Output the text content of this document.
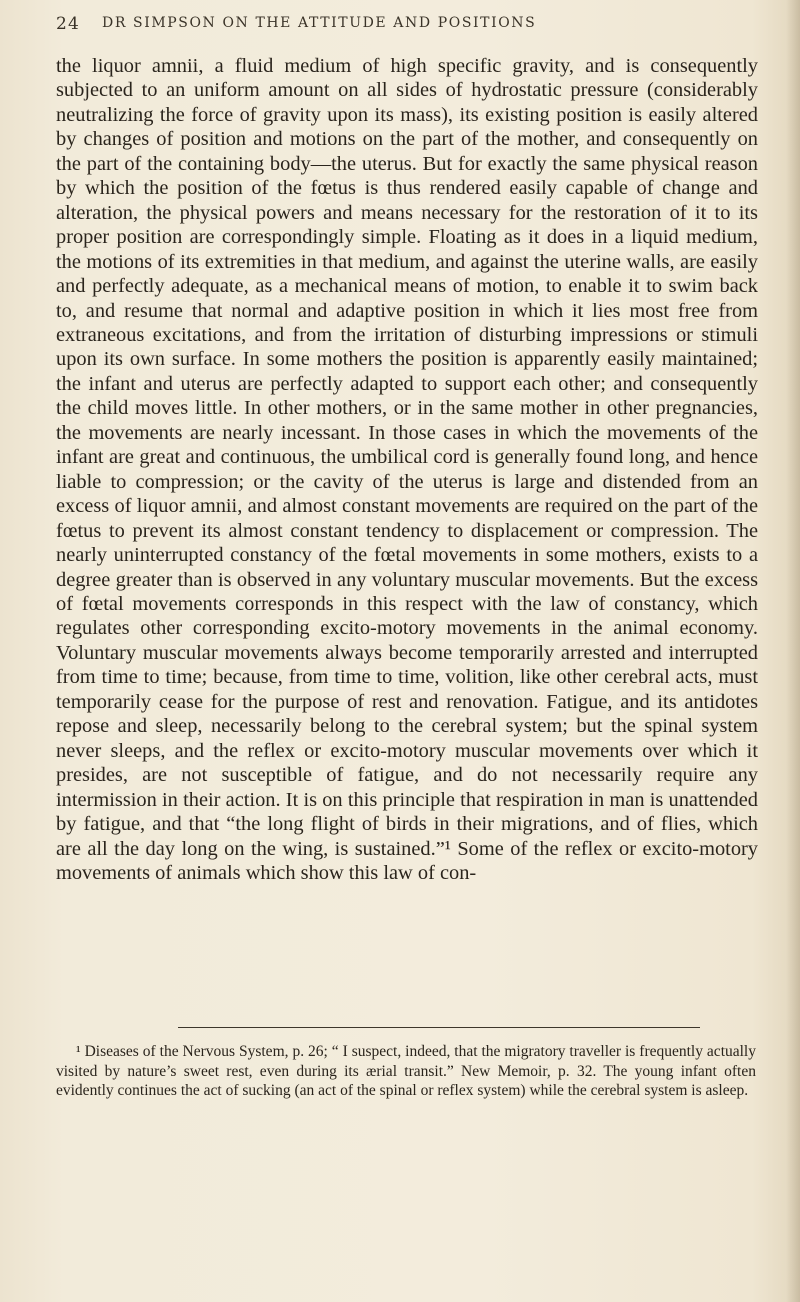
24 DR SIMPSON ON THE ATTITUDE AND POSITIONS

the liquor amnii, a fluid medium of high specific gravity, and is consequently subjected to an uniform amount on all sides of hydrostatic pressure (considerably neutralizing the force of gravity upon its mass), its existing position is easily altered by changes of position and motions on the part of the mother, and consequently on the part of the containing body—the uterus. But for exactly the same physical reason by which the position of the fœtus is thus rendered easily capable of change and alteration, the physical powers and means necessary for the restoration of it to its proper position are correspondingly simple. Floating as it does in a liquid medium, the motions of its extremities in that medium, and against the uterine walls, are easily and perfectly adequate, as a mechanical means of motion, to enable it to swim back to, and resume that normal and adaptive position in which it lies most free from extraneous excitations, and from the irritation of disturbing impressions or stimuli upon its own surface. In some mothers the position is apparently easily maintained; the infant and uterus are perfectly adapted to support each other; and consequently the child moves little. In other mothers, or in the same mother in other pregnancies, the movements are nearly incessant. In those cases in which the movements of the infant are great and continuous, the umbilical cord is generally found long, and hence liable to compression; or the cavity of the uterus is large and distended from an excess of liquor amnii, and almost constant movements are required on the part of the fœtus to prevent its almost constant tendency to displacement or compression. The nearly uninterrupted constancy of the fœtal movements in some mothers, exists to a degree greater than is observed in any voluntary muscular movements. But the excess of fœtal movements corresponds in this respect with the law of constancy, which regulates other corresponding excito-motory movements in the animal economy. Voluntary muscular movements always become temporarily arrested and interrupted from time to time; because, from time to time, volition, like other cerebral acts, must temporarily cease for the purpose of rest and renovation. Fatigue, and its antidotes repose and sleep, necessarily belong to the cerebral system; but the spinal system never sleeps, and the reflex or excito-motory muscular movements over which it presides, are not susceptible of fatigue, and do not necessarily require any intermission in their action. It is on this principle that respiration in man is unattended by fatigue, and that “the long flight of birds in their migrations, and of flies, which are all the day long on the wing, is sustained.”¹ Some of the reflex or excito-motory movements of animals which show this law of con-

¹ Diseases of the Nervous System, p. 26; “ I suspect, indeed, that the migratory traveller is frequently actually visited by nature’s sweet rest, even during its ærial transit.” New Memoir, p. 32. The young infant often evidently continues the act of sucking (an act of the spinal or reflex system) while the cerebral system is asleep.
